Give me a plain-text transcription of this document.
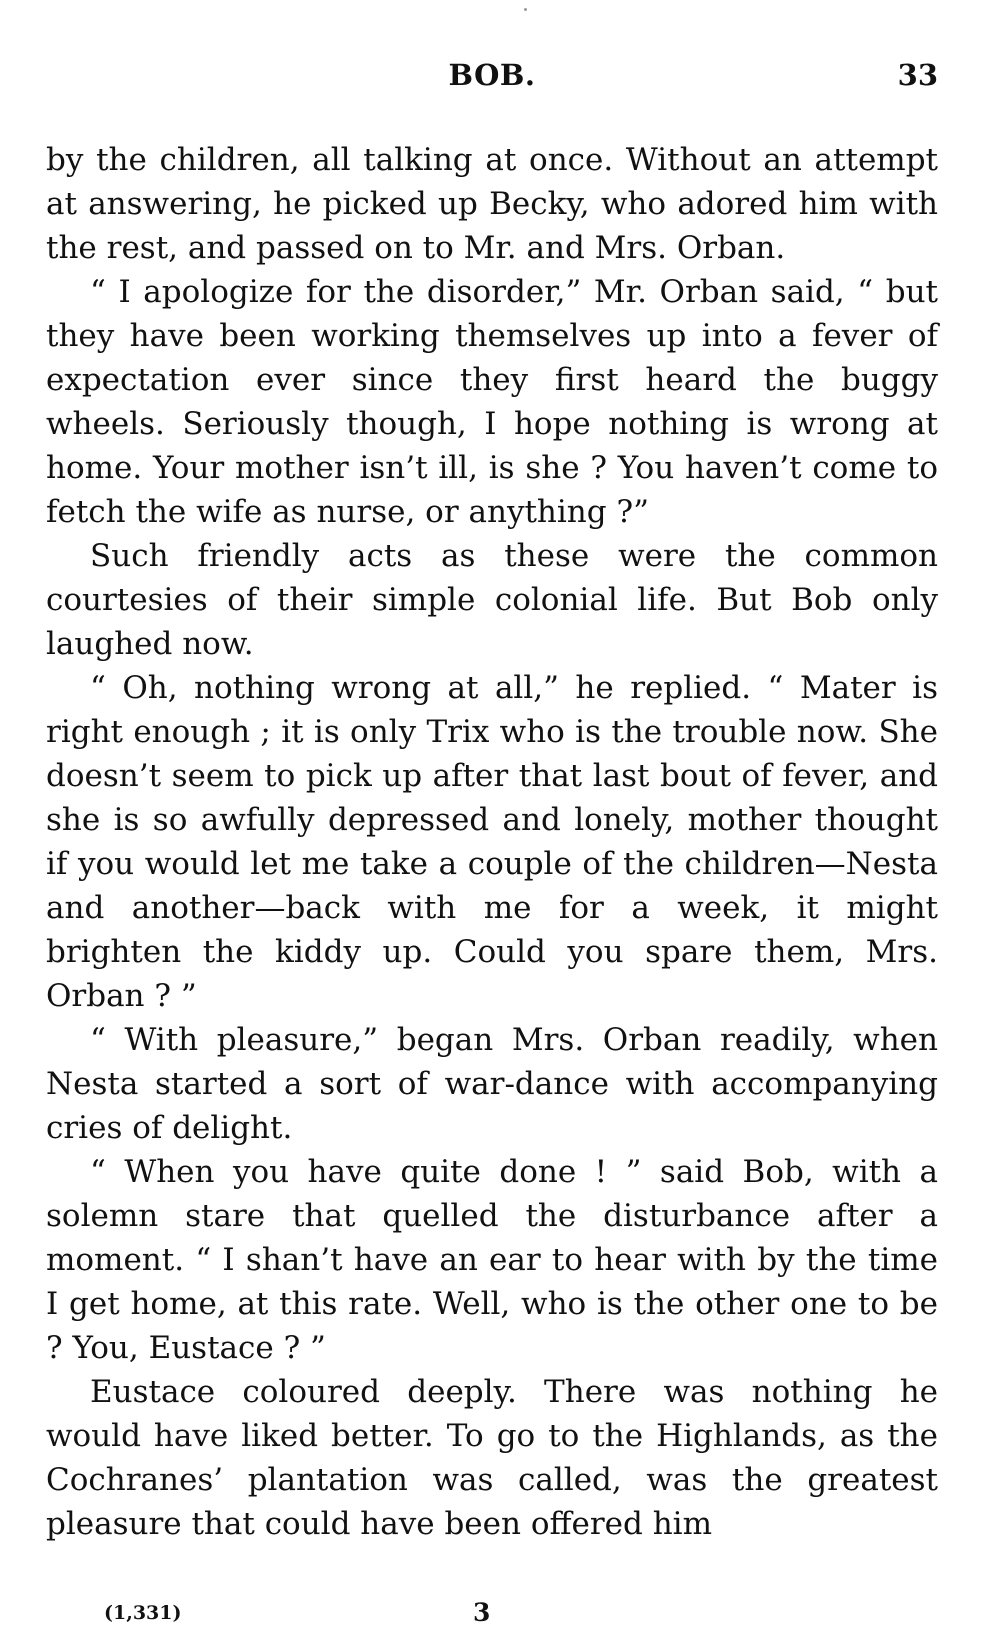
BOB.	33

by the children, all talking at once. Without an attempt at answering, he picked up Becky, who adored him with the rest, and passed on to Mr. and Mrs. Orban.

“ I apologize for the disorder,” Mr. Orban said, “ but they have been working themselves up into a fever of expectation ever since they first heard the buggy wheels. Seriously though, I hope nothing is wrong at home. Your mother isn’t ill, is she ? You haven’t come to fetch the wife as nurse, or anything ?”

Such friendly acts as these were the common courtesies of their simple colonial life. But Bob only laughed now.

“ Oh, nothing wrong at all,” he replied. “ Mater is right enough ; it is only Trix who is the trouble now. She doesn’t seem to pick up after that last bout of fever, and she is so awfully depressed and lonely, mother thought if you would let me take a couple of the children—Nesta and another—back with me for a week, it might brighten the kiddy up. Could you spare them, Mrs. Orban ? ”

“ With pleasure,” began Mrs. Orban readily, when Nesta started a sort of war-dance with accompanying cries of delight.

“ When you have quite done ! ” said Bob, with a solemn stare that quelled the disturbance after a moment. “ I shan’t have an ear to hear with by the time I get home, at this rate. Well, who is the other one to be ? You, Eustace ? ”

Eustace coloured deeply. There was nothing he would have liked better. To go to the Highlands, as the Cochranes’ plantation was called, was the greatest pleasure that could have been offered him

(1,331)	3
